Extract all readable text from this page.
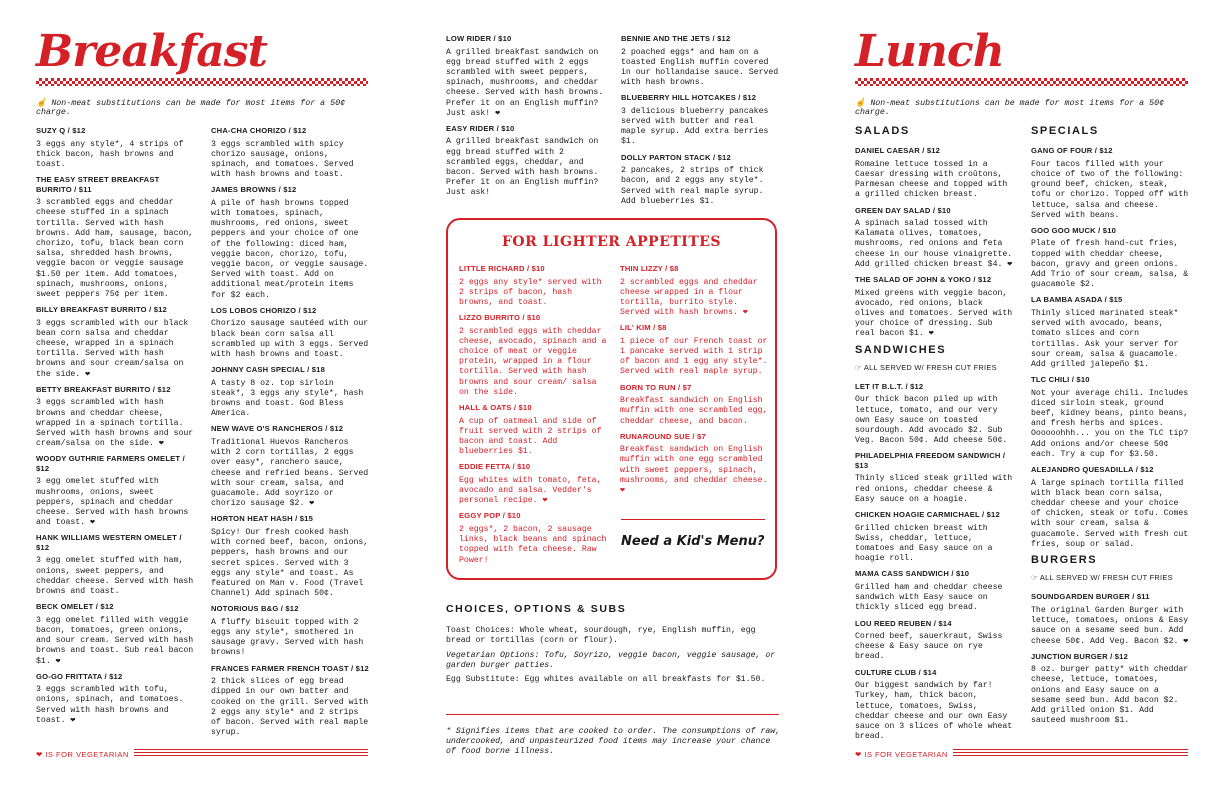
Breakfast
☝ Non-meat substitutions can be made for most items for a 50¢ charge.
SUZY Q / $12
3 eggs any style*, 4 strips of thick bacon, hash browns and toast.
THE EASY STREET BREAKFAST BURRITO / $11
3 scrambled eggs and cheddar cheese stuffed in a spinach tortilla. Served with hash browns. Add ham, sausage, bacon, chorizo, tofu, black bean corn salsa, shredded hash browns, veggie bacon or veggie sausage $1.50 per item. Add tomatoes, spinach, mushrooms, onions, sweet peppers 75¢ per item.
BILLY BREAKFAST BURRITO / $12
3 eggs scrambled with our black bean corn salsa and cheddar cheese, wrapped in a spinach tortilla. Served with hash browns and sour cream/salsa on the side. ❤
BETTY BREAKFAST BURRITO / $12
3 eggs scrambled with hash browns and cheddar cheese, wrapped in a spinach tortilla. Served with hash browns and sour cream/salsa on the side. ❤
WOODY GUTHRIE FARMERS OMELET / $12
3 egg omelet stuffed with mushrooms, onions, sweet peppers, spinach and cheddar cheese. Served with hash browns and toast. ❤
HANK WILLIAMS WESTERN OMELET / $12
3 egg omelet stuffed with ham, onions, sweet peppers, and cheddar cheese. Served with hash browns and toast.
BECK OMELET / $12
3 egg omelet filled with veggie bacon, tomatoes, green onions, and sour cream. Served with hash browns and toast. Sub real bacon $1. ❤
GO-GO FRITTATA / $12
3 eggs scrambled with tofu, onions, spinach, and tomatoes. Served with hash browns and toast. ❤
CHA-CHA CHORIZO / $12
3 eggs scrambled with spicy chorizo sausage, onions, spinach, and tomatoes. Served with hash browns and toast.
JAMES BROWNS / $12
A pile of hash browns topped with tomatoes, spinach, mushrooms, red onions, sweet peppers and your choice of one of the following: diced ham, veggie bacon, chorizo, tofu, veggie bacon, or veggie sausage. Served with toast. Add on additional meat/protein items for $2 each.
LOS LOBOS CHORIZO / $12
Chorizo sausage sautéed with our black bean corn salsa all scrambled up with 3 eggs. Served with hash browns and toast.
JOHNNY CASH SPECIAL / $18
A tasty 8 oz. top sirloin steak*, 3 eggs any style*, hash browns and toast. God Bless America.
NEW WAVE O'S RANCHEROS / $12
Traditional Huevos Rancheros with 2 corn tortillas, 2 eggs over easy*, ranchero sauce, cheese and refried beans. Served with sour cream, salsa, and guacamole. Add soyrizo or chorizo sausage $2. ❤
HORTON HEAT HASH / $15
Spicy! Our fresh cooked hash with corned beef, bacon, onions, peppers, hash browns and our secret spices. Served with 3 eggs any style* and toast. As featured on Man v. Food (Travel Channel) Add spinach 50¢.
NOTORIOUS B&G / $12
A fluffy biscuit topped with 2 eggs any style*, smothered in sausage gravy. Served with hash browns!
FRANCES FARMER FRENCH TOAST / $12
2 thick slices of egg bread dipped in our own batter and cooked on the grill. Served with 2 eggs any style* and 2 strips of bacon. Served with real maple syrup.
LOW RIDER / $10
A grilled breakfast sandwich on egg bread stuffed with 2 eggs scrambled with sweet peppers, spinach, mushrooms, and cheddar cheese. Served with hash browns. Prefer it on an English muffin? Just ask! ❤
EASY RIDER / $10
A grilled breakfast sandwich on egg bread stuffed with 2 scrambled eggs, cheddar, and bacon. Served with hash browns. Prefer it on an English muffin? Just ask!
BENNIE AND THE JETS / $12
2 poached eggs* and ham on a toasted English muffin covered in our hollandaise sauce. Served with hash browns.
BLUEBERRY HILL HOTCAKES / $12
3 delicious blueberry pancakes served with butter and real maple syrup. Add extra berries $1.
DOLLY PARTON STACK / $12
2 pancakes, 2 strips of thick bacon, and 2 eggs any style*. Served with real maple syrup. Add blueberries $1.
FOR LIGHTER APPETITES
LITTLE RICHARD / $10
2 eggs any style* served with 2 strips of bacon, hash browns, and toast.
LIZZO BURRITO / $10
2 scrambled eggs with cheddar cheese, avocado, spinach and a choice of meat or veggie protein, wrapped in a flour tortilla. Served with hash browns and sour cream/ salsa on the side.
HALL & OATS / $10
A cup of oatmeal and side of fruit served with 2 strips of bacon and toast. Add blueberries $1.
EDDIE FETTA / $10
Egg whites with tomato, feta, avocado and salsa. Vedder's personal recipe. ❤
EGGY POP / $10
2 eggs*, 2 bacon, 2 sausage links, black beans and spinach topped with feta cheese. Raw Power!
THIN LIZZY / $8
2 scrambled eggs and cheddar cheese wrapped in a flour tortilla, burrito style. Served with hash browns. ❤
LIL' KIM / $8
1 piece of our French toast or 1 pancake served with 1 strip of bacon and 1 egg any style*. Served with real maple syrup.
BORN TO RUN / $7
Breakfast sandwich on English muffin with one scrambled egg, cheddar cheese, and bacon.
RUNAROUND SUE / $7
Breakfast sandwich on English muffin with one egg scrambled with sweet peppers, spinach, mushrooms, and cheddar cheese. ❤
Need a Kid's Menu?
CHOICES, OPTIONS & SUBS
Toast Choices: Whole wheat, sourdough, rye, English muffin, egg bread or tortillas (corn or flour).
Vegetarian Options: Tofu, Soyrizo, veggie bacon, veggie sausage, or garden burger patties.
Egg Substitute: Egg whites available on all breakfasts for $1.50.
* Signifies items that are cooked to order. The consumptions of raw, undercooked, and unpasteurized food items may increase your chance of food borne illness.
❤ IS FOR VEGETARIAN
Lunch
☝ Non-meat substitutions can be made for most items for a 50¢ charge.
SALADS
DANIEL CAESAR / $12
Romaine lettuce tossed in a Caesar dressing with croûtons, Parmesan cheese and topped with a grilled chicken breast.
GREEN DAY SALAD / $10
A spinach salad tossed with Kalamata olives, tomatoes, mushrooms, red onions and feta cheese in our house vinaigrette. Add grilled chicken breast $4. ❤
THE SALAD OF JOHN & YOKO / $12
Mixed greens with veggie bacon, avocado, red onions, black olives and tomatoes. Served with your choice of dressing. Sub real bacon $1. ❤
SANDWICHES
☞ ALL SERVED W/ FRESH CUT FRIES
LET IT B.L.T. / $12
Our thick bacon piled up with lettuce, tomato, and our very own Easy sauce on toasted sourdough. Add avocado $2. Sub Veg. Bacon 50¢. Add cheese 50¢.
PHILADELPHIA FREEDOM SANDWICH / $13
Thinly sliced steak grilled with red onions, cheddar cheese & Easy sauce on a hoagie.
CHICKEN HOAGIE CARMICHAEL / $12
Grilled chicken breast with Swiss, cheddar, lettuce, tomatoes and Easy sauce on a hoagie roll.
MAMA CASS SANDWICH / $10
Grilled ham and cheddar cheese sandwich with Easy sauce on thickly sliced egg bread.
LOU REED REUBEN / $14
Corned beef, sauerkraut, Swiss cheese & Easy sauce on rye bread.
CULTURE CLUB / $14
Our biggest sandwich by far! Turkey, ham, thick bacon, lettuce, tomatoes, Swiss, cheddar cheese and our own Easy sauce on 3 slices of whole wheat bread.
SPECIALS
GANG OF FOUR / $12
Four tacos filled with your choice of two of the following: ground beef, chicken, steak, tofu or chorizo. Topped off with lettuce, salsa and cheese. Served with beans.
GOO GOO MUCK / $10
Plate of fresh hand-cut fries, topped with cheddar cheese, bacon, gravy and green onions. Add Trio of sour cream, salsa, & guacamole $2.
LA BAMBA ASADA / $15
Thinly sliced marinated steak* served with avocado, beans, tomato slices and corn tortillas. Ask your server for sour cream, salsa & guacamole. Add grilled jalepeño $1.
TLC CHILI / $10
Not your average chili. Includes diced sirloin steak, ground beef, kidney beans, pinto beans, and fresh herbs and spices. Oooooohhh... you on the TLC tip? Add onions and/or cheese 50¢ each. Try a cup for $3.50.
ALEJANDRO QUESADILLA / $12
A large spinach tortilla filled with black bean corn salsa, cheddar cheese and your choice of chicken, steak or tofu. Comes with sour cream, salsa & guacamole. Served with fresh cut fries, soup or salad.
BURGERS
☞ ALL SERVED W/ FRESH CUT FRIES
SOUNDGARDEN BURGER / $11
The original Garden Burger with lettuce, tomatoes, onions & Easy sauce on a sesame seed bun. Add cheese 50¢. Add Veg. Bacon $2. ❤
JUNCTION BURGER / $12
8 oz. burger patty* with cheddar cheese, lettuce, tomatoes, onions and Easy sauce on a sesame seed bun. Add bacon $2. Add grilled onion $1. Add sauteed mushroom $1.
❤ IS FOR VEGETARIAN
